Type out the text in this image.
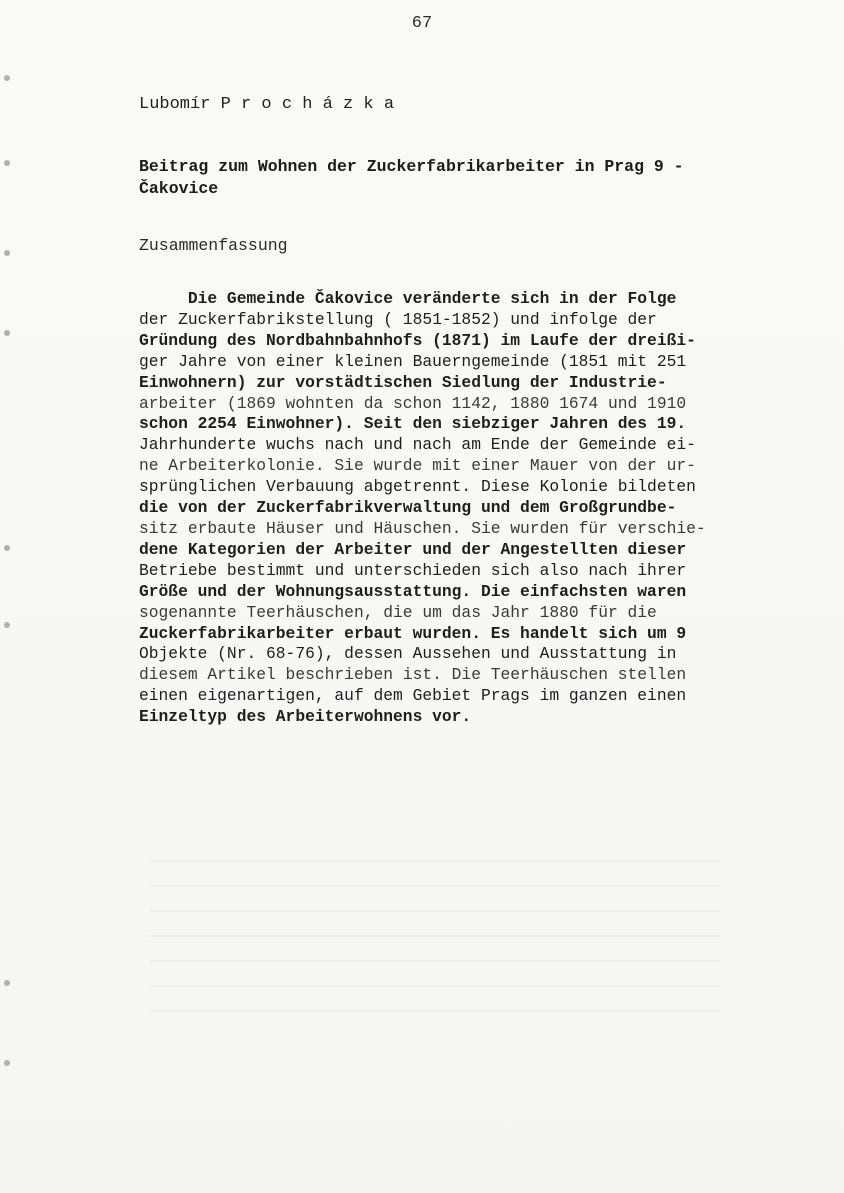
67
Lubomír P r o c h á z k a
Beitrag zum Wohnen der Zuckerfabrikarbeiter in Prag 9 -
Čakovice
Zusammenfassung
Die Gemeinde Čakovice veränderte sich in der Folge
der Zuckerfabrikstellung ( 1851-1852) und infolge der
Gründung des Nordbahnbahnhofs (1871) im Laufe der dreißi-
ger Jahre von einer kleinen Bauerngemeinde (1851 mit 251
Einwohnern) zur vorstädtischen Siedlung der Industrie-
arbeiter (1869 wohnten da schon 1142, 1880 1674 und 1910
schon 2254 Einwohner). Seit den siebziger Jahren des 19.
Jahrhunderte wuchs nach und nach am Ende der Gemeinde ei-
ne Arbeiterkolonie. Sie wurde mit einer Mauer von der ur-
sprünglichen Verbauung abgetrennt. Diese Kolonie bildeten
die von der Zuckerfabrikverwaltung und dem Großgrundbe-
sitz erbaute Häuser und Häuschen. Sie wurden für verschie-
dene Kategorien der Arbeiter und der Angestellten dieser
Betriebe bestimmt und unterschieden sich also nach ihrer
Größe und der Wohnungsausstattung. Die einfachsten waren
sogenannte Teerhäuschen, die um das Jahr 1880 für die
Zuckerfabrikarbeiter erbaut wurden. Es handelt sich um 9
Objekte (Nr. 68-76), dessen Aussehen und Ausstattung in
diesem Artikel beschrieben ist. Die Teerhäuschen stellen
einen eigenartigen, auf dem Gebiet Prags im ganzen einen
Einzeltyp des Arbeiterwohnens vor.
